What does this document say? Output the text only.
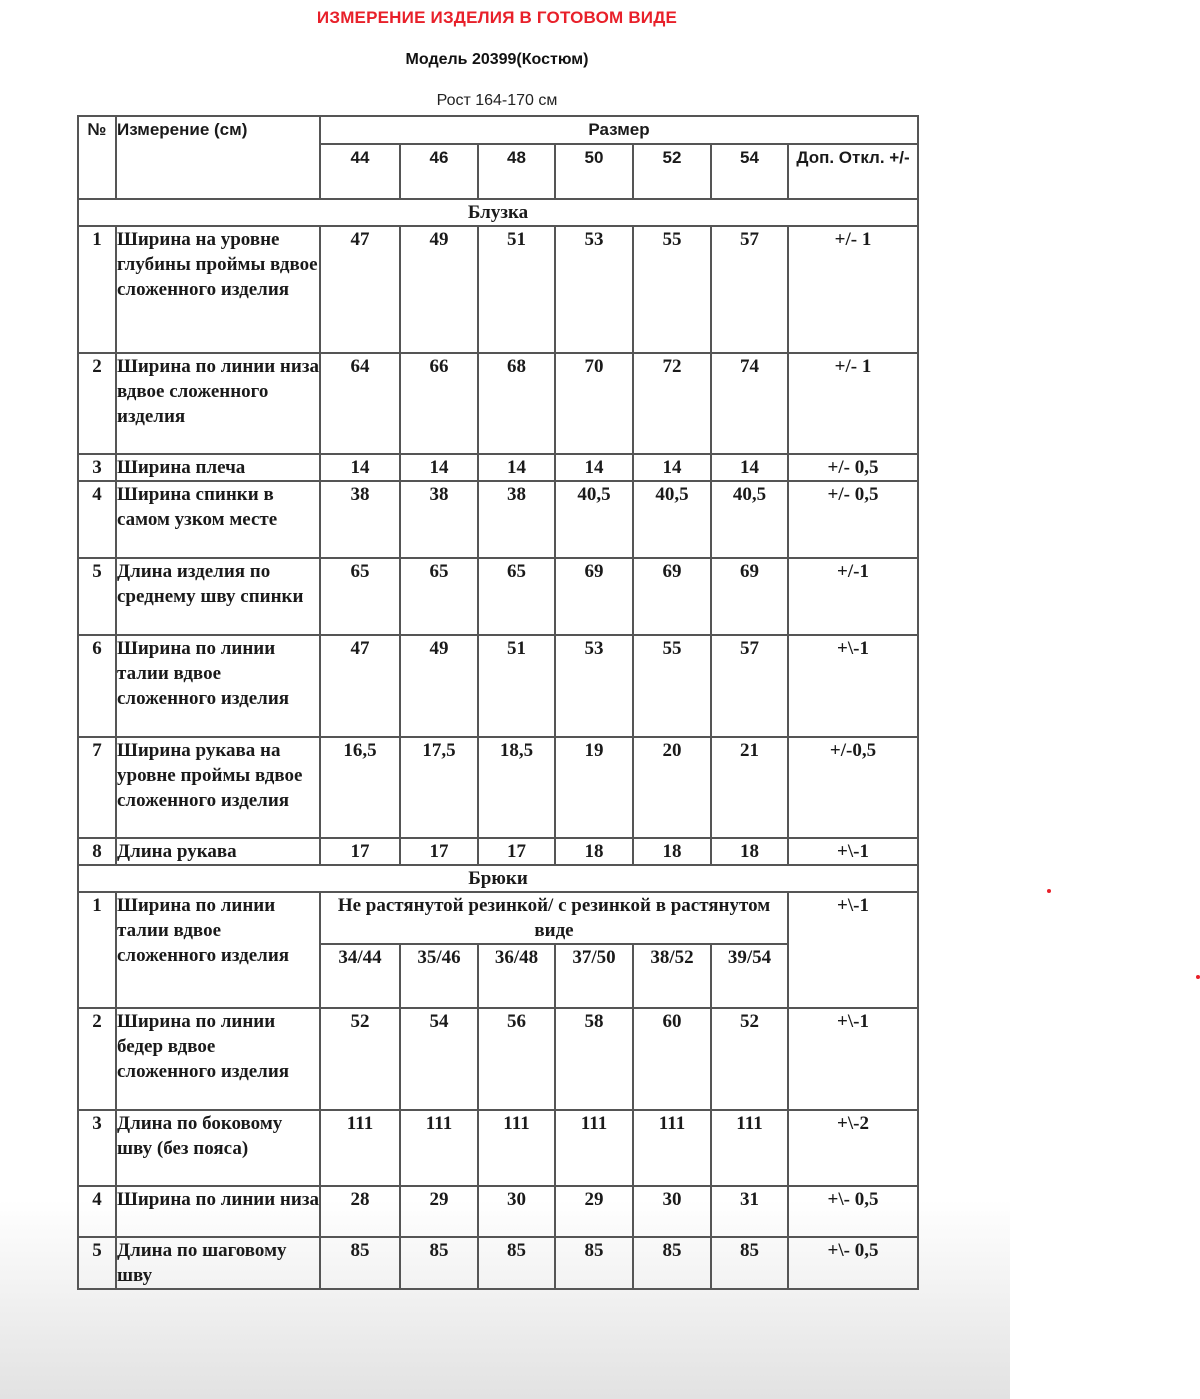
ИЗМЕРЕНИЕ ИЗДЕЛИЯ В ГОТОВОМ ВИДЕ
Модель 20399(Костюм)
Рост 164-170 см
№	Измерение (см)	Размер						
		44	46	48	50	52	54	Доп. Откл. +/-
Блузка								
1	Ширина на уровне глубины проймы вдвое сложенного изделия	47	49	51	53	55	57	+/- 1
2	Ширина по линии низа вдвое сложенного изделия	64	66	68	70	72	74	+/- 1
3	Ширина плеча	14	14	14	14	14	14	+/- 0,5
4	Ширина спинки в самом узком месте	38	38	38	40,5	40,5	40,5	+/- 0,5
5	Длина изделия по среднему шву спинки	65	65	65	69	69	69	+/-1
6	Ширина по линии талии вдвое сложенного изделия	47	49	51	53	55	57	+\-1
7	Ширина рукава на уровне проймы вдвое сложенного изделия	16,5	17,5	18,5	19	20	21	+/-0,5
8	Длина рукава	17	17	17	18	18	18	+\-1
Брюки								
1	Ширина по линии талии вдвое сложенного изделия	Не растянутой резинкой/ с резинкой в растянутом виде						+\-1
		34/44	35/46	36/48	37/50	38/52	39/54	
2	Ширина по линии бедер вдвое сложенного изделия	52	54	56	58	60	52	+\-1
3	Длина по боковому шву (без пояса)	111	111	111	111	111	111	+\-2
4	Ширина по линии низа	28	29	30	29	30	31	+\- 0,5
5	Длина по шаговому шву	85	85	85	85	85	85	+\- 0,5
